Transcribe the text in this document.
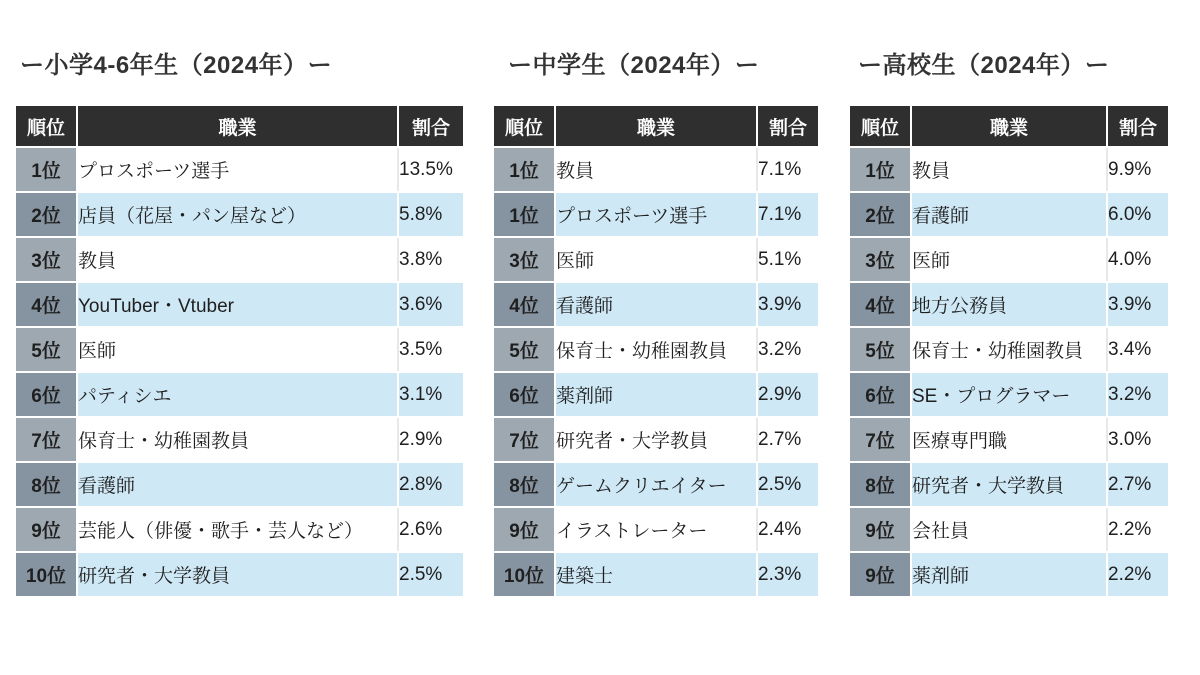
ー小学4-6年生（2024年）ー
順位	職業	割合
1位	プロスポーツ選手	13.5%
2位	店員（花屋・パン屋など）	5.8%
3位	教員	3.8%
4位	YouTuber・Vtuber	3.6%
5位	医師	3.5%
6位	パティシエ	3.1%
7位	保育士・幼稚園教員	2.9%
8位	看護師	2.8%
9位	芸能人（俳優・歌手・芸人など）	2.6%
10位	研究者・大学教員	2.5%
ー中学生（2024年）ー
順位	職業	割合
1位	教員	7.1%
1位	プロスポーツ選手	7.1%
3位	医師	5.1%
4位	看護師	3.9%
5位	保育士・幼稚園教員	3.2%
6位	薬剤師	2.9%
7位	研究者・大学教員	2.7%
8位	ゲームクリエイター	2.5%
9位	イラストレーター	2.4%
10位	建築士	2.3%
ー高校生（2024年）ー
順位	職業	割合
1位	教員	9.9%
2位	看護師	6.0%
3位	医師	4.0%
4位	地方公務員	3.9%
5位	保育士・幼稚園教員	3.4%
6位	SE・プログラマー	3.2%
7位	医療専門職	3.0%
8位	研究者・大学教員	2.7%
9位	会社員	2.2%
9位	薬剤師	2.2%
